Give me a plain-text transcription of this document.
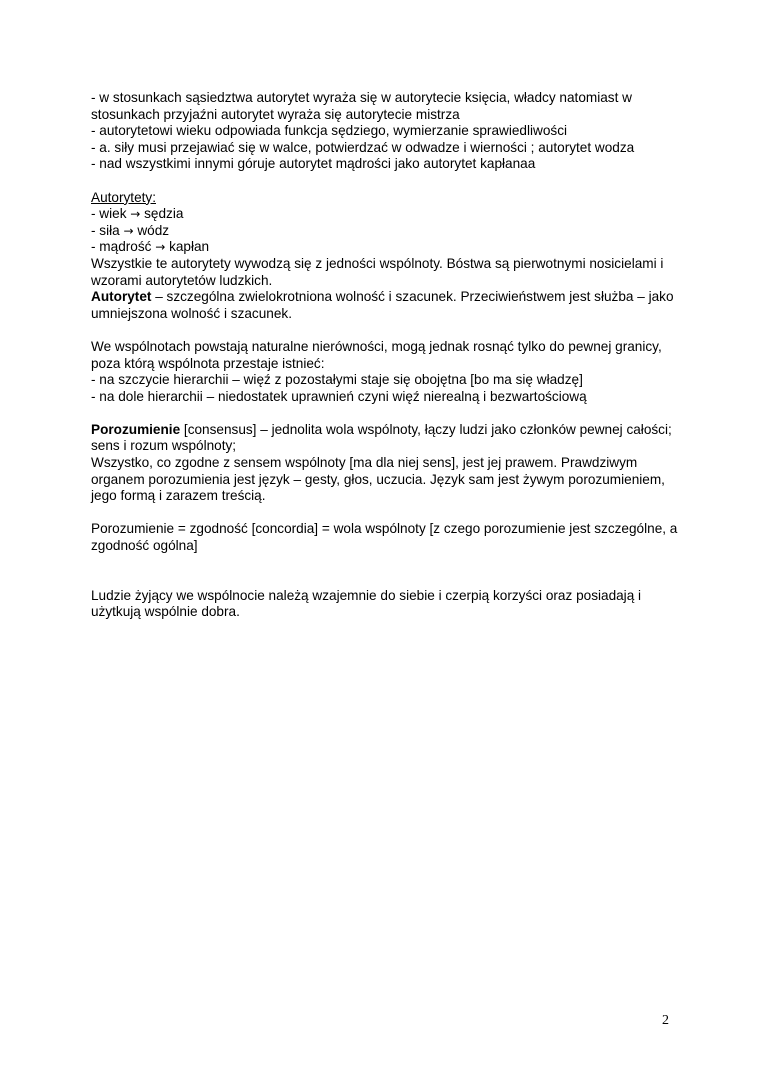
- w stosunkach sąsiedztwa autorytet wyraża się w autorytecie księcia, władcy natomiast w stosunkach przyjaźni autorytet wyraża się autorytecie mistrza

- autorytetowi wieku odpowiada funkcja sędziego, wymierzanie sprawiedliwości

- a. siły musi przejawiać się w walce, potwierdzać w odwadze i wierności ; autorytet wodza

- nad wszystkimi innymi góruje autorytet mądrości jako autorytet kapłanaa

Autorytety:

- wiek → sędzia

- siła → wódz

- mądrość → kapłan

Wszystkie te autorytety wywodzą się z jedności wspólnoty. Bóstwa są pierwotnymi nosicielami i wzorami autorytetów ludzkich.

Autorytet – szczególna zwielokrotniona wolność i szacunek. Przeciwieństwem jest służba – jako umniejszona wolność i szacunek.

We wspólnotach powstają naturalne nierówności, mogą jednak rosnąć tylko do pewnej granicy, poza którą wspólnota przestaje istnieć:

- na szczycie hierarchii – więź z pozostałymi staje się obojętna [bo ma się władzę]

- na dole hierarchii – niedostatek uprawnień czyni więź nierealną i bezwartościową

Porozumienie [consensus] – jednolita wola wspólnoty, łączy ludzi jako członków pewnej całości; sens i rozum wspólnoty;

Wszystko, co zgodne z sensem wspólnoty [ma dla niej sens], jest jej prawem. Prawdziwym organem porozumienia jest język – gesty, głos, uczucia. Język sam jest żywym porozumieniem, jego formą i zarazem treścią.

Porozumienie = zgodność [concordia] = wola wspólnoty [z czego porozumienie jest szczególne, a zgodność ogólna]

Ludzie żyjący we wspólnocie należą wzajemnie do siebie i czerpią korzyści oraz posiadają i użytkują wspólnie dobra.

2
